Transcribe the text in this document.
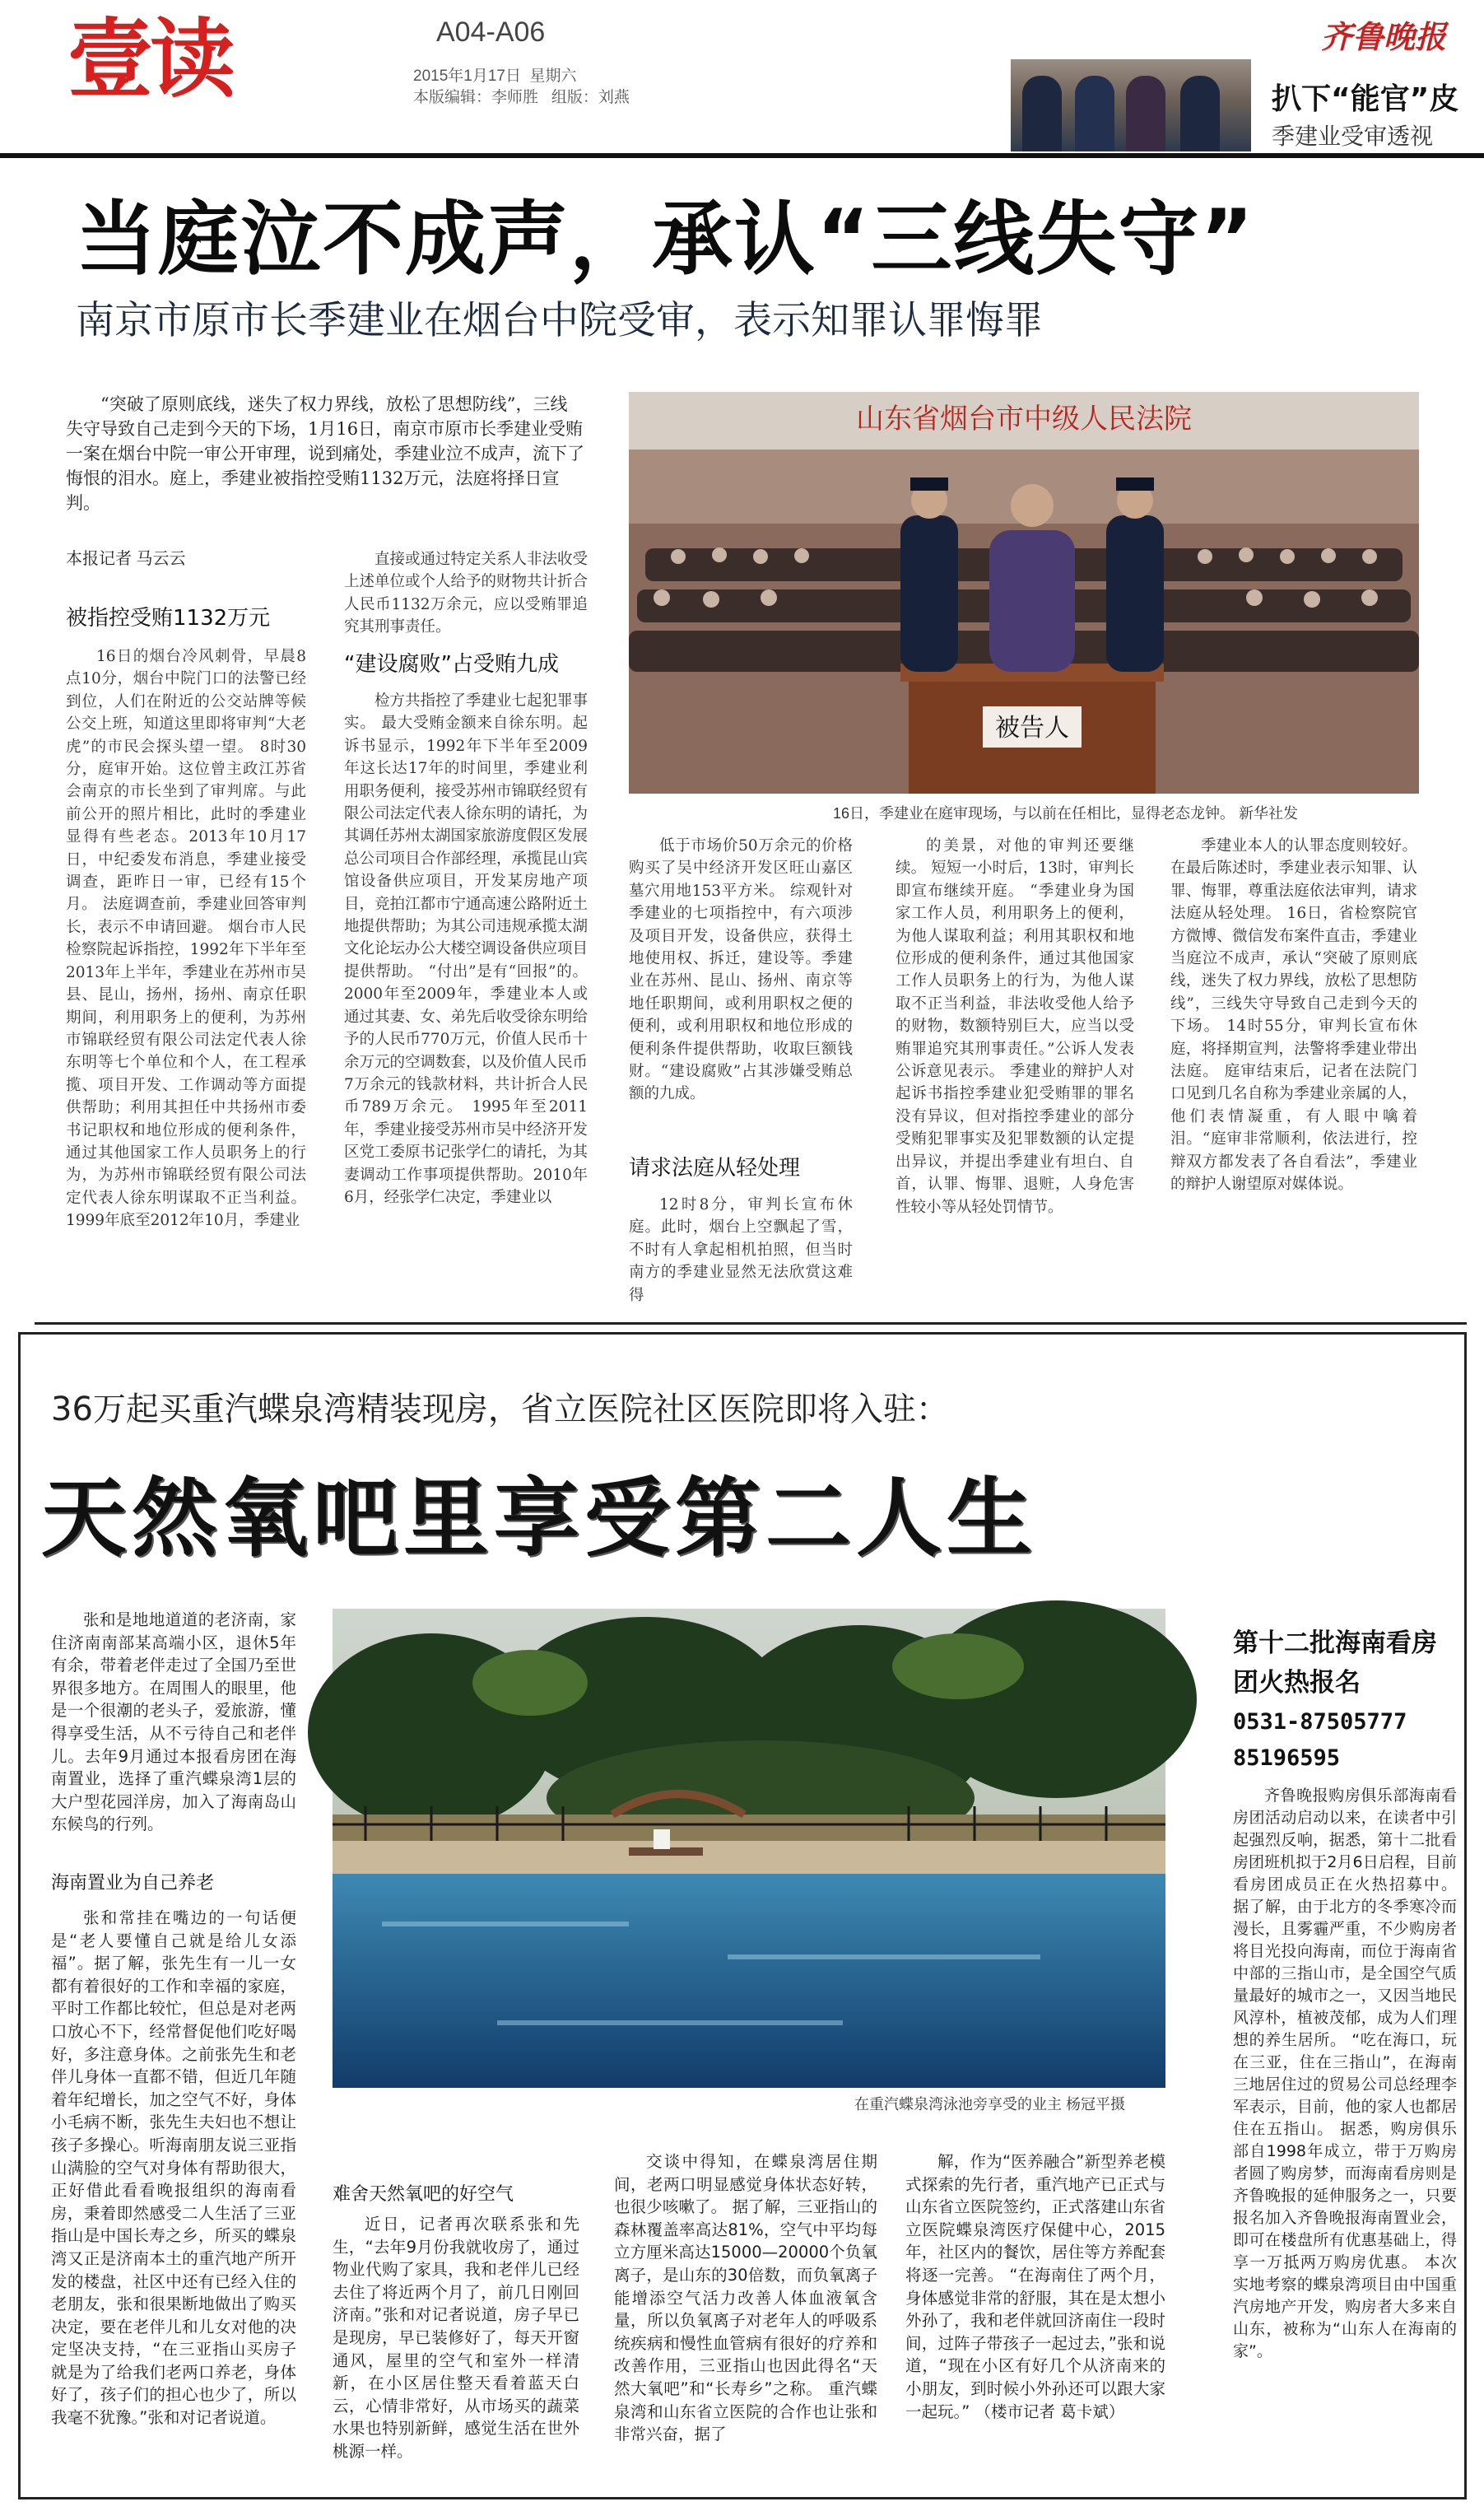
壹读	A04-A06
2015年1月17日  星期六
本版编辑：李师胜   组版：刘燕
齐鲁晚报
扒下“能官”皮
季建业受审透视
当庭泣不成声，承认“三线失守”
南京市原市长季建业在烟台中院受审，表示知罪认罪悔罪
“突破了原则底线，迷失了权力界线，放松了思想防线”，三线失守导致自己走到今天的下场，1月16日，南京市原市长季建业受贿一案在烟台中院一审公开审理，说到痛处，季建业泣不成声，流下了悔恨的泪水。庭上，季建业被指控受贿1132万元，法庭将择日宣判。
本报记者 马云云
被指控受贿1132万元

16日的烟台冷风刺骨，早晨8点10分，烟台中院门口的法警已经到位，人们在附近的公交站牌等候公交上班，知道这里即将审判“大老虎”的市民会探头望一望。 8时30分，庭审开始。这位曾主政江苏省会南京的市长坐到了审判席。与此前公开的照片相比，此时的季建业显得有些老态。2013年10月17日，中纪委发布消息，季建业接受调查，距昨日一审，已经有15个月。 法庭调查前，季建业回答审判长，表示不申请回避。 烟台市人民检察院起诉指控，1992年下半年至2013年上半年，季建业在苏州市吴县、昆山，扬州，扬州、南京任职期间，利用职务上的便利，为苏州市锦联经贸有限公司法定代表人徐东明等七个单位和个人，在工程承揽、项目开发、工作调动等方面提供帮助；利用其担任中共扬州市委书记职权和地位形成的便利条件，通过其他国家工作人员职务上的行为，为苏州市锦联经贸有限公司法定代表人徐东明谋取不正当利益。 1999年底至2012年10月，季建业

直接或通过特定关系人非法收受上述单位或个人给予的财物共计折合人民币1132万余元，应以受贿罪追究其刑事责任。

“建设腐败”占受贿九成

检方共指控了季建业七起犯罪事实。 最大受贿金额来自徐东明。起诉书显示，1992年下半年至2009年这长达17年的时间里，季建业利用职务便利，接受苏州市锦联经贸有限公司法定代表人徐东明的请托，为其调任苏州太湖国家旅游度假区发展总公司项目合作部经理，承揽昆山宾馆设备供应项目，开发某房地产项目，竞拍江都市宁通高速公路附近土地提供帮助；为其公司违规承揽太湖文化论坛办公大楼空调设备供应项目提供帮助。 “付出”是有“回报”的。2000年至2009年，季建业本人或通过其妻、女、弟先后收受徐东明给予的人民币770万元，价值人民币十余万元的空调数套，以及价值人民币7万余元的钱款材料，共计折合人民币789万余元。 1995年至2011年，季建业接受苏州市吴中经济开发区党工委原书记张学仁的请托，为其妻调动工作事项提供帮助。2010年6月，经张学仁决定，季建业以

山东省烟台市中级人民法院
被告人
16日，季建业在庭审现场，与以前在任相比，显得老态龙钟。 新华社发

低于市场价50万余元的价格购买了吴中经济开发区旺山嘉区墓穴用地153平方米。 综观针对季建业的七项指控中，有六项涉及项目开发，设备供应，获得土地使用权、拆迁，建设等。季建业在苏州、昆山、扬州、南京等地任职期间，或利用职权之便的便利，或利用职权和地位形成的便利条件提供帮助，收取巨额钱财。“建设腐败”占其涉嫌受贿总额的九成。

请求法庭从轻处理

12时8分，审判长宣布休庭。此时，烟台上空飘起了雪，不时有人拿起相机拍照，但当时南方的季建业显然无法欣赏这难得

的美景，对他的审判还要继续。 短短一小时后，13时，审判长即宣布继续开庭。 “季建业身为国家工作人员，利用职务上的便利，为他人谋取利益；利用其职权和地位形成的便利条件，通过其他国家工作人员职务上的行为，为他人谋取不正当利益，非法收受他人给予的财物，数额特别巨大，应当以受贿罪追究其刑事责任。”公诉人发表公诉意见表示。 季建业的辩护人对起诉书指控季建业犯受贿罪的罪名没有异议，但对指控季建业的部分受贿犯罪事实及犯罪数额的认定提出异议，并提出季建业有坦白、自首，认罪、悔罪、退赃，人身危害性较小等从轻处罚情节。

季建业本人的认罪态度则较好。在最后陈述时，季建业表示知罪、认罪、悔罪，尊重法庭依法审判，请求法庭从轻处理。 16日，省检察院官方微博、微信发布案件直击，季建业当庭泣不成声，承认“突破了原则底线，迷失了权力界线，放松了思想防线”，三线失守导致自己走到今天的下场。 14时55分，审判长宣布休庭，将择期宣判，法警将季建业带出法庭。 庭审结束后，记者在法院门口见到几名自称为季建业亲属的人，他们表情凝重，有人眼中噙着泪。“庭审非常顺利，依法进行，控辩双方都发表了各自看法”，季建业的辩护人谢望原对媒体说。

36万起买重汽蝶泉湾精装现房，省立医院社区医院即将入驻：
天然氧吧里享受第二人生

张和是地地道道的老济南，家住济南南部某高端小区，退休5年有余，带着老伴走过了全国乃至世界很多地方。在周围人的眼里，他是一个很潮的老头子，爱旅游，懂得享受生活，从不亏待自己和老伴儿。去年9月通过本报看房团在海南置业，选择了重汽蝶泉湾1层的大户型花园洋房，加入了海南岛山东候鸟的行列。

海南置业为自己养老

张和常挂在嘴边的一句话便是“老人要懂自己就是给儿女添福”。据了解，张先生有一儿一女都有着很好的工作和幸福的家庭，平时工作都比较忙，但总是对老两口放心不下，经常督促他们吃好喝好，多注意身体。之前张先生和老伴儿身体一直都不错，但近几年随着年纪增长，加之空气不好，身体小毛病不断，张先生夫妇也不想让孩子多操心。听海南朋友说三亚指山满脸的空气对身体有帮助很大，正好借此看看晚报组织的海南看房，秉着即然感受二人生活了三亚指山是中国长寿之乡，所买的蝶泉湾又正是济南本土的重汽地产所开发的楼盘，社区中还有已经入住的老朋友，张和很果断地做出了购买决定，要在老伴儿和儿女对他的决定坚决支持，“在三亚指山买房子就是为了给我们老两口养老，身体好了，孩子们的担心也少了，所以我毫不犹豫。”张和对记者说道。

在重汽蝶泉湾泳池旁享受的业主 杨冠平摄
难舍天然氧吧的好空气

近日，记者再次联系张和先生，“去年9月份我就收房了，通过物业代购了家具，我和老伴儿已经去住了将近两个月了，前几日刚回济南。”张和对记者说道，房子早已是现房，早已装修好了，每天开窗通风，屋里的空气和室外一样清新，在小区居住整天看着蓝天白云，心情非常好，从市场买的蔬菜水果也特别新鲜，感觉生活在世外桃源一样。

交谈中得知，在蝶泉湾居住期间，老两口明显感觉身体状态好转，也很少咳嗽了。 据了解，三亚指山的森林覆盖率高达81%，空气中平均每立方厘米高达15000—20000个负氧离子，是山东的30倍数，而负氧离子能增添空气活力改善人体血液氧含量，所以负氧离子对老年人的呼吸系统疾病和慢性血管病有很好的疗养和改善作用，三亚指山也因此得名“天然大氧吧”和“长寿乡”之称。 重汽蝶泉湾和山东省立医院的合作也让张和非常兴奋，据了

解，作为“医养融合”新型养老模式探索的先行者，重汽地产已正式与山东省立医院签约，正式落建山东省立医院蝶泉湾医疗保健中心，2015年，社区内的餐饮，居住等方养配套将逐一完善。 “在海南住了两个月，身体感觉非常的舒服，其在是太想小外孙了，我和老伴就回济南住一段时间，过阵子带孩子一起过去，”张和说道，“现在小区有好几个从济南来的小朋友，到时候小外孙还可以跟大家一起玩。” （楼市记者 葛卡斌）

第十二批海南看房团火热报名
0531-87505777
85196595

齐鲁晚报购房俱乐部海南看房团活动启动以来，在读者中引起强烈反响，据悉，第十二批看房团班机拟于2月6日启程，目前看房团成员正在火热招募中。 据了解，由于北方的冬季寒冷而漫长，且雾霾严重，不少购房者将目光投向海南，而位于海南省中部的三指山市，是全国空气质量最好的城市之一，又因当地民风淳朴，植被茂郁，成为人们理想的养生居所。 “吃在海口，玩在三亚，住在三指山”，在海南三地居住过的贸易公司总经理李军表示，目前，他的家人也都居住在五指山。 据悉，购房俱乐部自1998年成立，带于万购房者圆了购房梦，而海南看房则是齐鲁晚报的延伸服务之一，只要报名加入齐鲁晚报海南置业会，即可在楼盘所有优惠基础上，得享一万抵两万购房优惠。 本次实地考察的蝶泉湾项目由中国重汽房地产开发，购房者大多来自山东，被称为“山东人在海南的家”。
